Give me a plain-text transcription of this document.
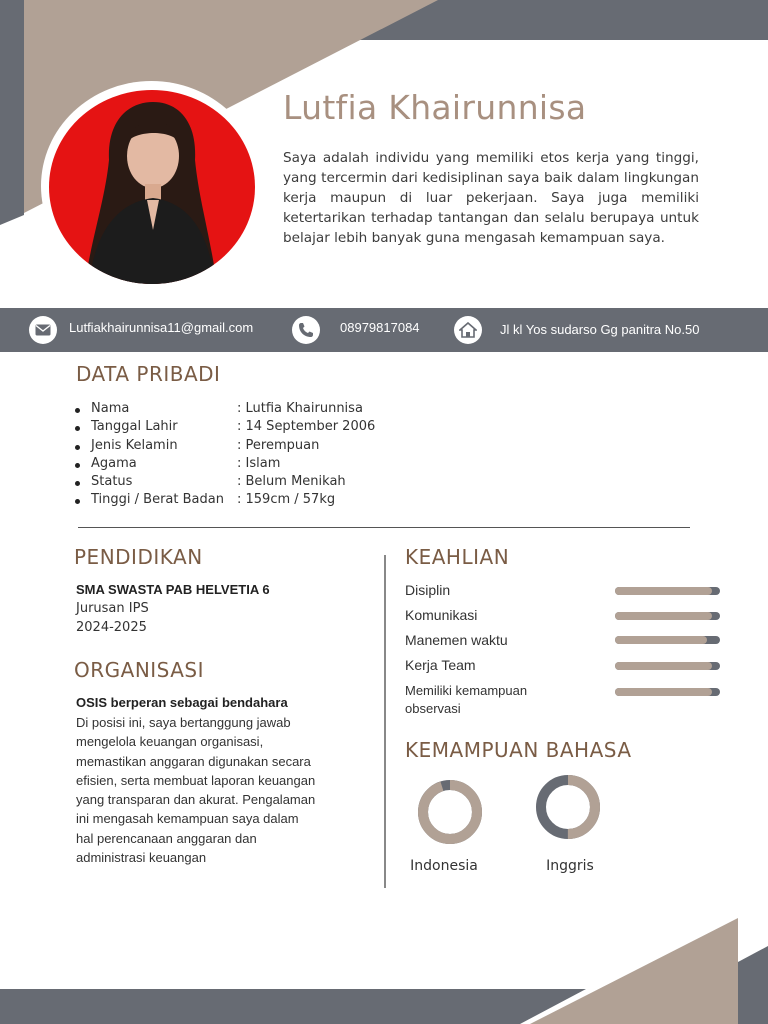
Lutfia Khairunnisa
Saya adalah individu yang memiliki etos kerja yang tinggi, yang tercermin dari kedisiplinan saya baik dalam lingkungan kerja maupun di luar pekerjaan. Saya juga memiliki ketertarikan terhadap tantangan dan selalu berupaya untuk belajar lebih banyak guna mengasah kemampuan saya.
Lutfiakhairunnisa11@gmail.com	08979817084	Jl kl Yos sudarso Gg panitra No.50
DATA PRIBADI
Nama	: Lutfia Khairunnisa
Tanggal Lahir	: 14 September 2006
Jenis Kelamin	: Perempuan
Agama	: Islam
Status	: Belum Menikah
Tinggi / Berat Badan : 159cm / 57kg
PENDIDIKAN
SMA SWASTA PAB HELVETIA 6
Jurusan IPS
2024-2025
ORGANISASI
OSIS berperan sebagai bendahara
Di posisi ini, saya bertanggung jawab
mengelola keuangan organisasi,
memastikan anggaran digunakan secara
efisien, serta membuat laporan keuangan
yang transparan dan akurat. Pengalaman
ini mengasah kemampuan saya dalam
hal perencanaan anggaran dan
administrasi keuangan
KEAHLIAN
Disiplin
Komunikasi
Manemen waktu
Kerja Team
Memiliki kemampuan observasi
KEMAMPUAN BAHASA
Indonesia	Inggris
